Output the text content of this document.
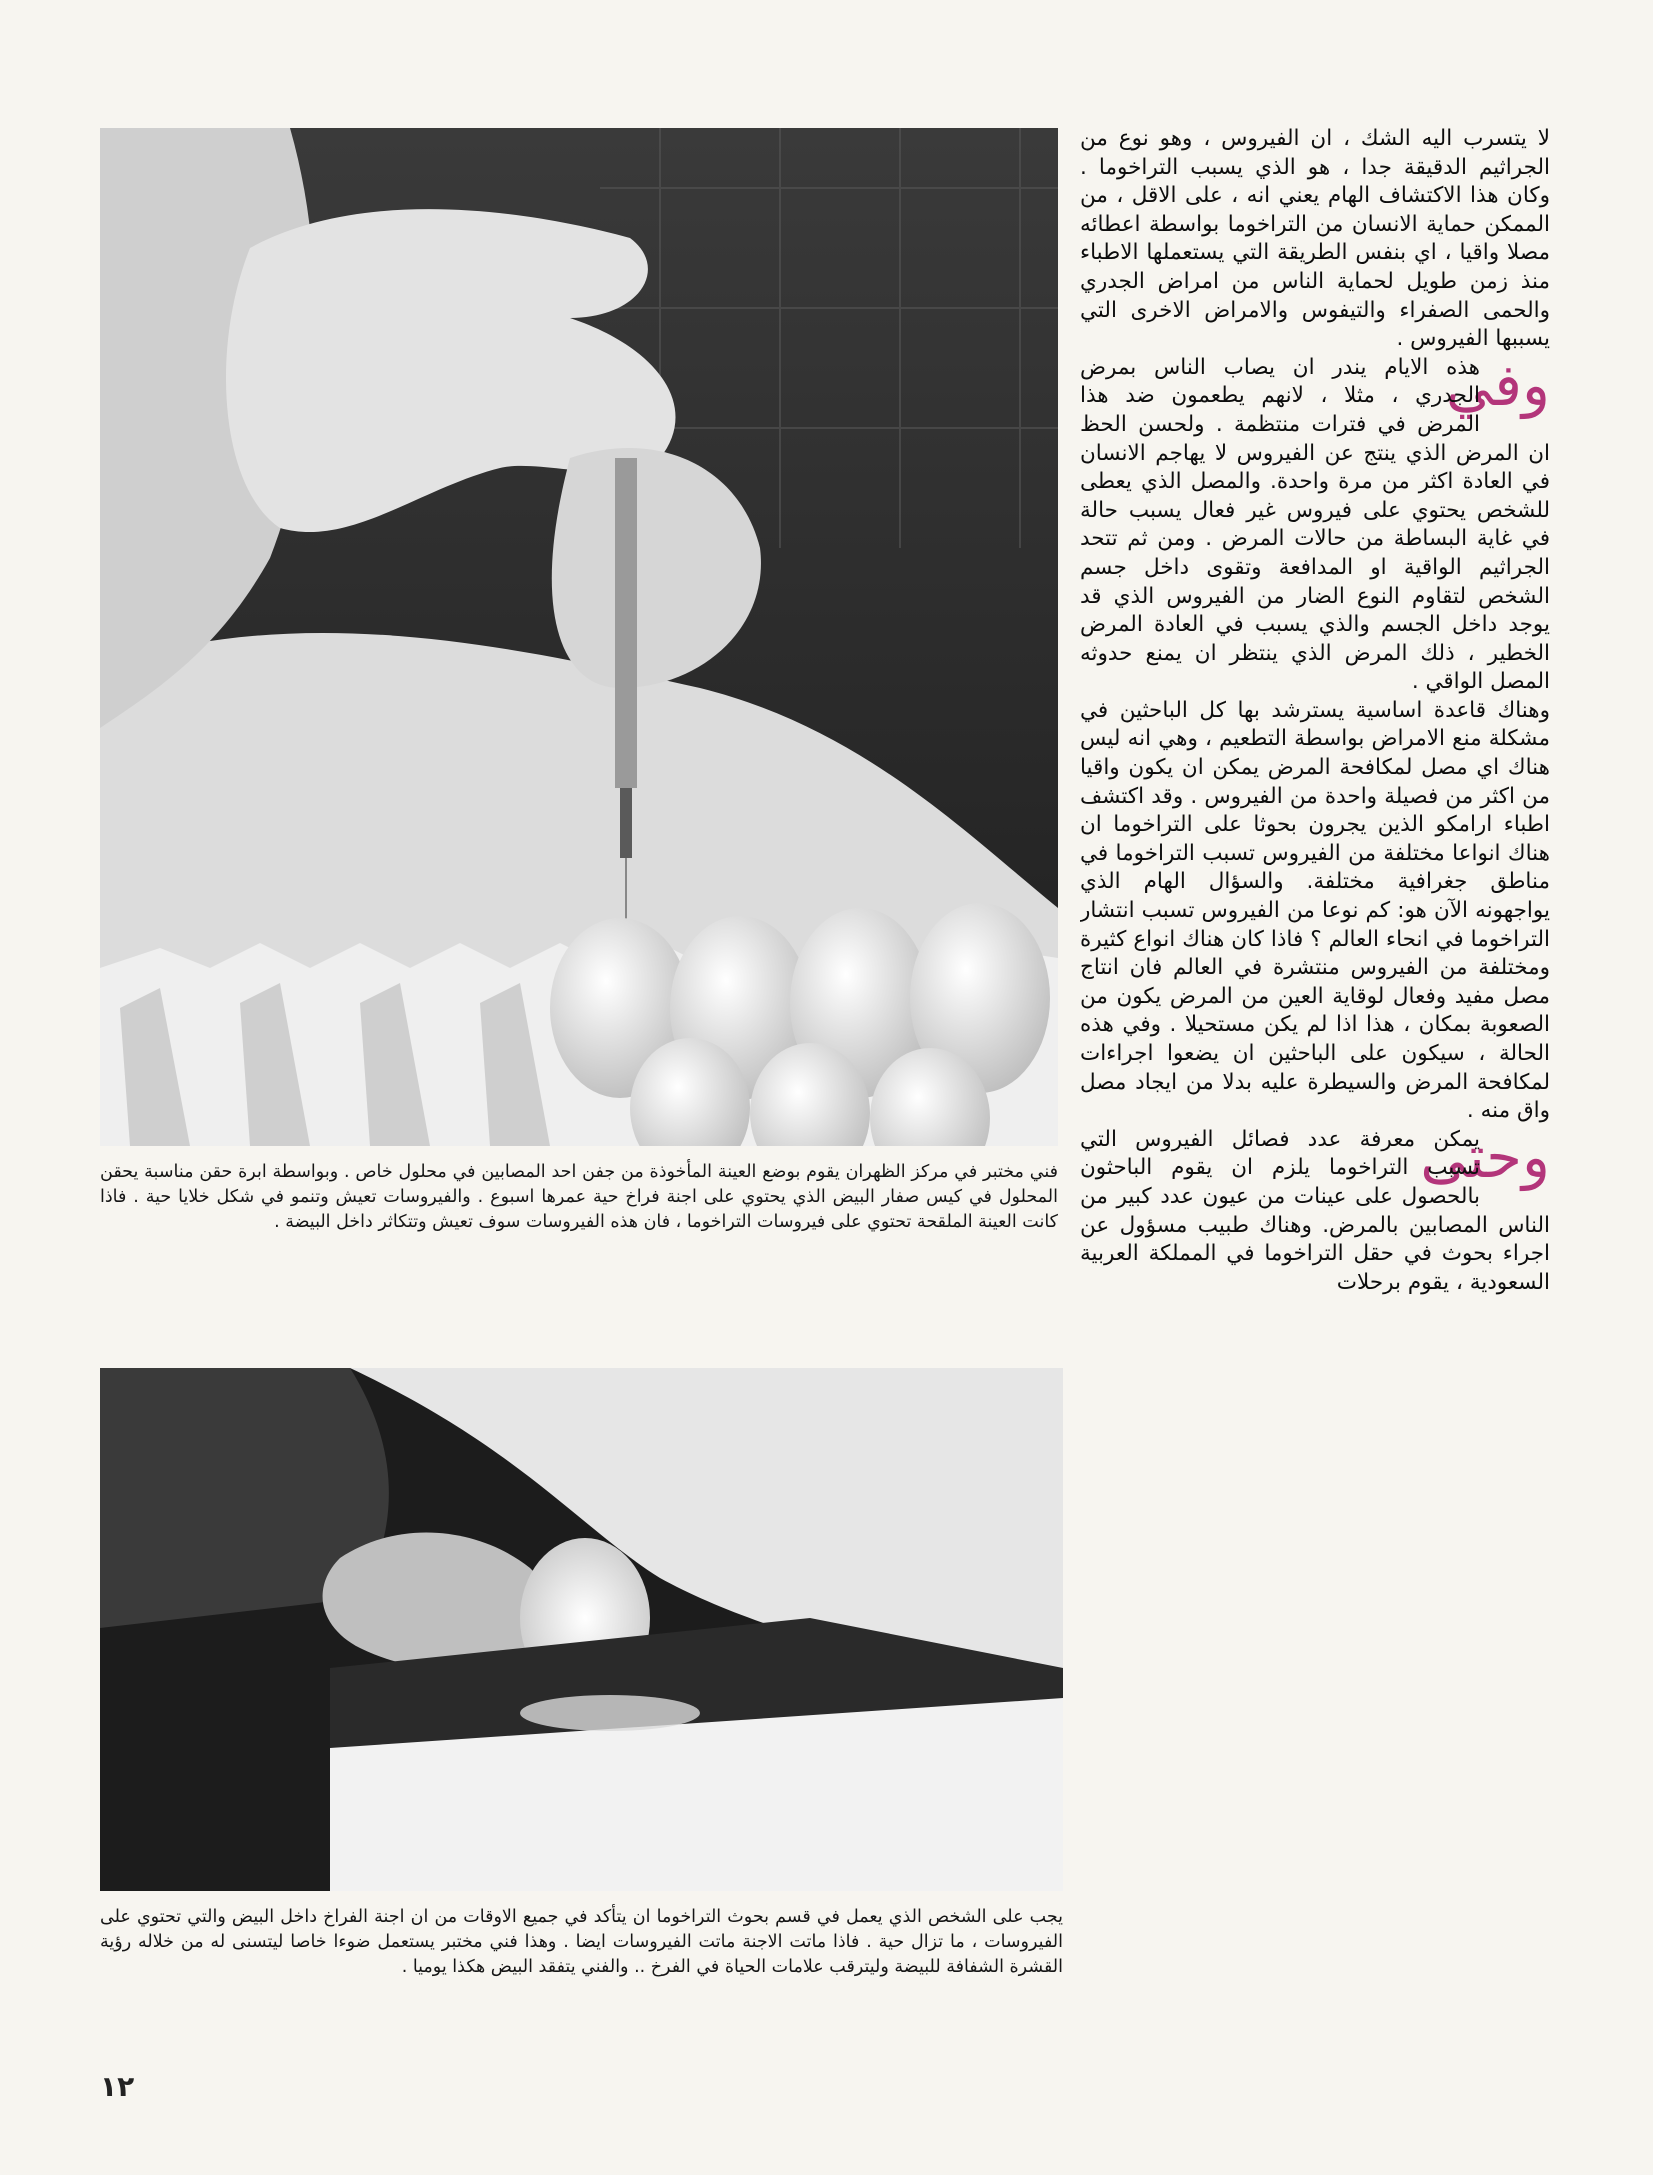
فني مختبر في مركز الظهران يقوم بوضع العينة المأخوذة من جفن احد المصابين في محلول خاص . وبواسطة ابرة حقن مناسبة يحقن المحلول في كيس صفار البيض الذي يحتوي على اجنة فراخ حية عمرها اسبوع . والفيروسات تعيش وتنمو في شكل خلايا حية . فاذا كانت العينة الملقحة تحتوي على فيروسات التراخوما ، فان هذه الفيروسات سوف تعيش وتتكاثر داخل البيضة .
يجب على الشخص الذي يعمل في قسم بحوث التراخوما ان يتأكد في جميع الاوقات من ان اجنة الفراخ داخل البيض والتي تحتوي على الفيروسات ، ما تزال حية . فاذا ماتت الاجنة ماتت الفيروسات ايضا . وهذا فني مختبر يستعمل ضوءا خاصا ليتسنى له من خلاله رؤية القشرة الشفافة للبيضة وليترقب علامات الحياة في الفرخ .. والفني يتفقد البيض هكذا يوميا .

لا يتسرب اليه الشك ، ان الفيروس ، وهو نوع من الجراثيم الدقيقة جدا ، هو الذي يسبب التراخوما . وكان هذا الاكتشاف الهام يعني انه ، على الاقل ، من الممكن حماية الانسان من التراخوما بواسطة اعطائه مصلا واقيا ، اي بنفس الطريقة التي يستعملها الاطباء منذ زمن طويل لحماية الناس من امراض الجدري والحمى الصفراء والتيفوس والامراض الاخرى التي يسببها الفيروس .

وفي
هذه الايام يندر ان يصاب الناس بمرض الجدري ، مثلا ، لانهم يطعمون ضد هذا المرض في فترات منتظمة . ولحسن الحظ ان المرض الذي ينتج عن الفيروس لا يهاجم الانسان في العادة اكثر من مرة واحدة. والمصل الذي يعطى للشخص يحتوي على فيروس غير فعال يسبب حالة في غاية البساطة من حالات المرض . ومن ثم تتحد الجراثيم الواقية او المدافعة وتقوى داخل جسم الشخص لتقاوم النوع الضار من الفيروس الذي قد يوجد داخل الجسم والذي يسبب في العادة المرض الخطير ، ذلك المرض الذي ينتظر ان يمنع حدوثه المصل الواقي .

وهناك قاعدة اساسية يسترشد بها كل الباحثين في مشكلة منع الامراض بواسطة التطعيم ، وهي انه ليس هناك اي مصل لمكافحة المرض يمكن ان يكون واقيا من اكثر من فصيلة واحدة من الفيروس . وقد اكتشف اطباء ارامكو الذين يجرون بحوثا على التراخوما ان هناك انواعا مختلفة من الفيروس تسبب التراخوما في مناطق جغرافية مختلفة. والسؤال الهام الذي يواجهونه الآن هو: كم نوعا من الفيروس تسبب انتشار التراخوما في انحاء العالم ؟ فاذا كان هناك انواع كثيرة ومختلفة من الفيروس منتشرة في العالم فان انتاج مصل مفيد وفعال لوقاية العين من المرض يكون من الصعوبة بمكان ، هذا اذا لم يكن مستحيلا . وفي هذه الحالة ، سيكون على الباحثين ان يضعوا اجراءات لمكافحة المرض والسيطرة عليه بدلا من ايجاد مصل واق منه .

وحتى
يمكن معرفة عدد فصائل الفيروس التي تسبب التراخوما يلزم ان يقوم الباحثون بالحصول على عينات من عيون عدد كبير من الناس المصابين بالمرض. وهناك طبيب مسؤول عن اجراء بحوث في حقل التراخوما في المملكة العربية السعودية ، يقوم برحلات

١٢
